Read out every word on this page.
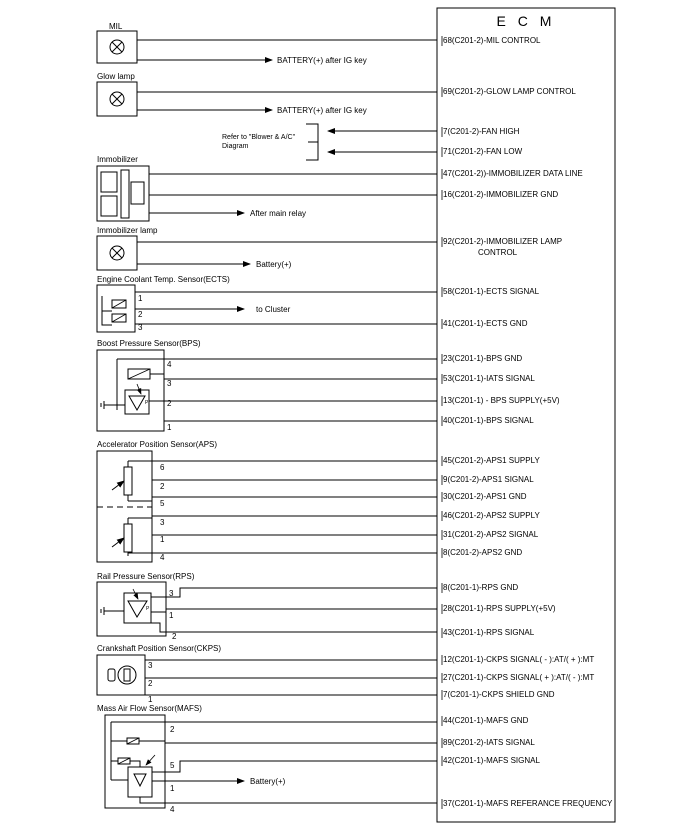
E C M
68(C201-2)-MIL CONTROL
69(C201-2)-GLOW LAMP CONTROL
7(C201-2)-FAN HIGH
71(C201-2)-FAN LOW
47(C201-2))-IMMOBILIZER DATA LINE
16(C201-2)-IMMOBILIZER GND
92(C201-2)-IMMOBILIZER LAMP
CONTROL
58(C201-1)-ECTS SIGNAL
41(C201-1)-ECTS GND
23(C201-1)-BPS GND
53(C201-1)-IATS SIGNAL
13(C201-1) - BPS SUPPLY(+5V)
40(C201-1)-BPS SIGNAL
45(C201-2)-APS1 SUPPLY
9(C201-2)-APS1 SIGNAL
30(C201-2)-APS1 GND
46(C201-2)-APS2 SUPPLY
31(C201-2)-APS2 SIGNAL
8(C201-2)-APS2 GND
8(C201-1)-RPS GND
28(C201-1)-RPS SUPPLY(+5V)
43(C201-1)-RPS SIGNAL
12(C201-1)-CKPS SIGNAL( - ):AT/( + ):MT
27(C201-1)-CKPS SIGNAL( + ):AT/( - ):MT
7(C201-1)-CKPS SHIELD GND
44(C201-1)-MAFS GND
89(C201-2)-IATS SIGNAL
42(C201-1)-MAFS SIGNAL
37(C201-1)-MAFS REFERANCE FREQUENCY
MIL
BATTERY(+) after IG key
Glow lamp
BATTERY(+) after IG key
Refer to "Blower & A/C"
Diagram
Immobilizer
After main relay
Immobilizer lamp
Battery(+)
Engine Coolant Temp. Sensor(ECTS)
1
2
3
to Cluster
Boost Pressure Sensor(BPS)
P
4
3
2
1
Accelerator Position Sensor(APS)
6
2
5
3
1
4
Rail Pressure Sensor(RPS)
P
3
1
2
Crankshaft Position Sensor(CKPS)
3
2
1
Mass Air Flow Sensor(MAFS)
2
5
1
4
Battery(+)
